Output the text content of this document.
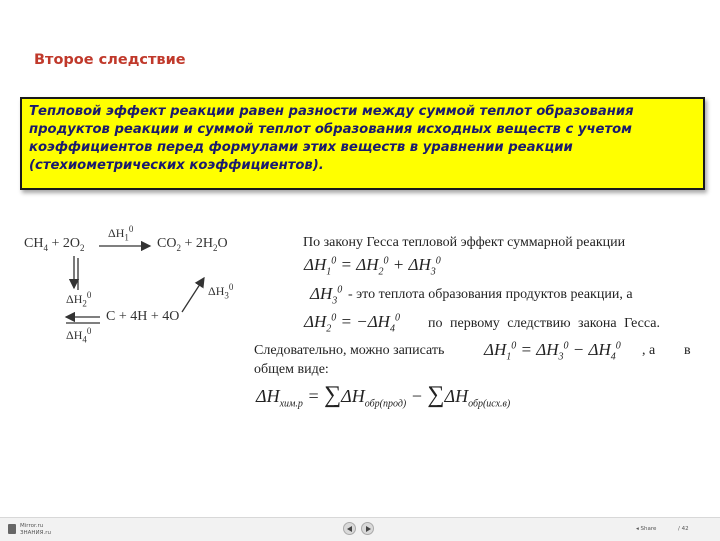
Второе следствие
Тепловой эффект реакции равен разности между суммой теплот образования
продуктов реакции и суммой теплот образования исходных веществ с учетом
коэффициентов перед формулами этих веществ в уравнении реакции
(стехиометрических коэффициентов).
$CH_4 + 2O_2$
$\Delta H_1^0$
$CO_2 + 2H_2O$
$\Delta H_2^0$	$\Delta H_3^0$
C + 4H + 4O
$\Delta H_4^0$
По закону Гесса тепловой эффект суммарной реакции
$\Delta H_1^0 = \Delta H_2^0 + \Delta H_3^0$
$\Delta H_3^0$ - это теплота образования продуктов реакции, а
$\Delta H_2^0 = -\Delta H_4^0$ по первому следствию закона Гесса.
Следовательно, можно записать $\Delta H_1^0 = \Delta H_3^0 - \Delta H_4^0$ , а в
общем виде:
$\Delta H_{хим.р} = \sum\Delta H_{обр(прод)} - \sum\Delta H_{обр(исх.в)}$
Mirror.ru
ЗНАНИЯ.ru
◂ Share	/ 42
